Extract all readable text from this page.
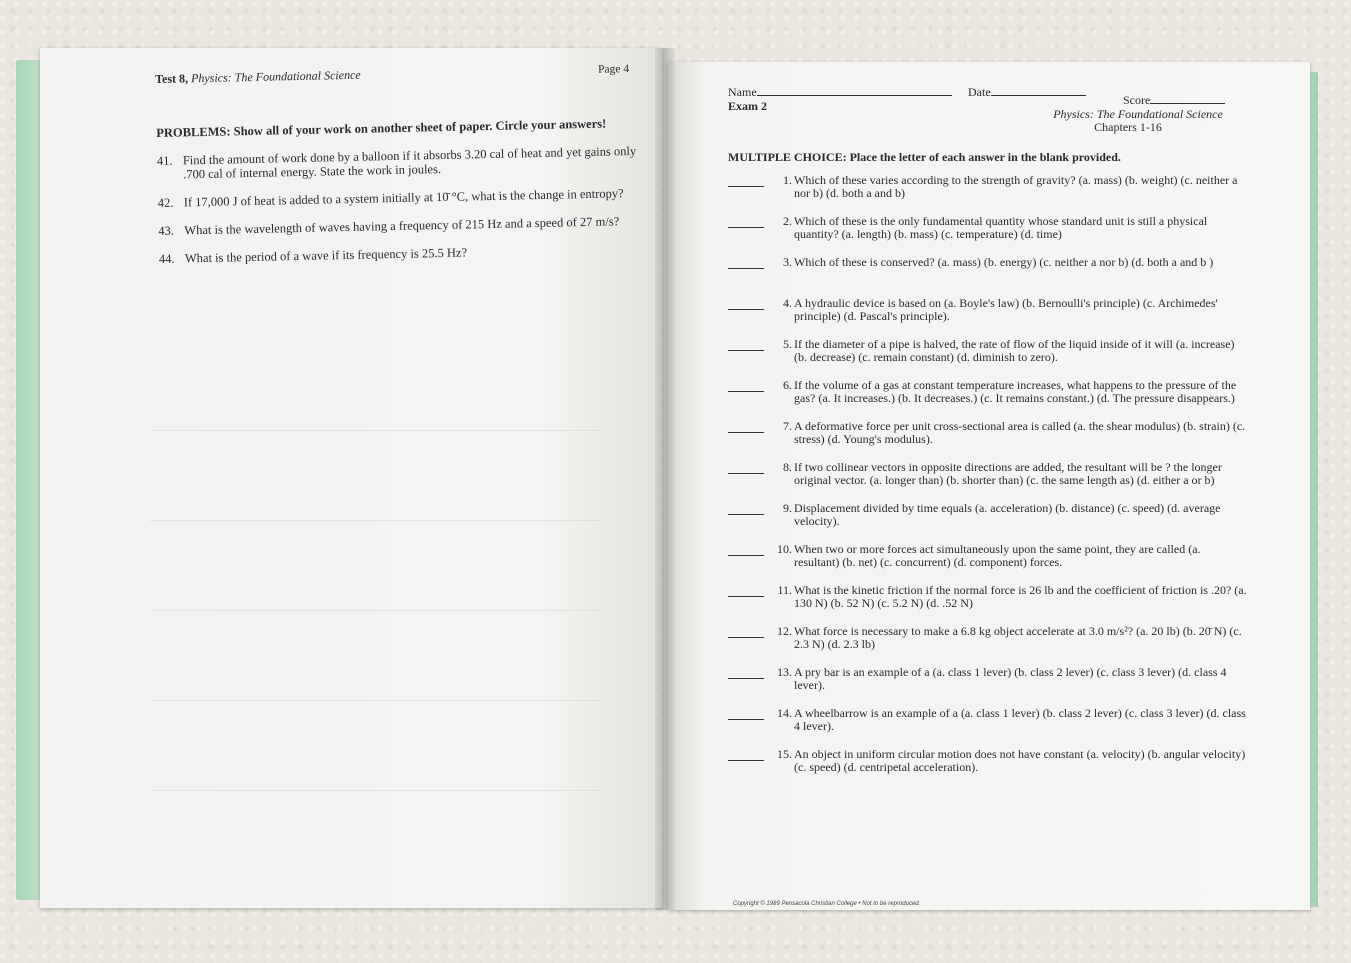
Test 8, Physics: The Foundational Science	Page 4
PROBLEMS: Show all of your work on another sheet of paper. Circle your answers!
41. Find the amount of work done by a balloon if it absorbs 3.20 cal of heat and yet gains only .700 cal of internal energy. State the work in joules.
42. If 17,000 J of heat is added to a system initially at 10̄ °C, what is the change in entropy?
43. What is the wavelength of waves having a frequency of 215 Hz and a speed of 27 m/s?
44. What is the period of a wave if its frequency is 25.5 Hz?
Name	Date
Score
Exam 2
Physics: The Foundational Science
Chapters 1-16
MULTIPLE CHOICE: Place the letter of each answer in the blank provided.
1. Which of these varies according to the strength of gravity? (a. mass) (b. weight) (c. neither a nor b) (d. both a and b)
2. Which of these is the only fundamental quantity whose standard unit is still a physical quantity? (a. length) (b. mass) (c. temperature) (d. time)
3. Which of these is conserved? (a. mass) (b. energy) (c. neither a nor b) (d. both a and b )
4. A hydraulic device is based on (a. Boyle's law) (b. Bernoulli's principle) (c. Archimedes' principle) (d. Pascal's principle).
5. If the diameter of a pipe is halved, the rate of flow of the liquid inside of it will (a. increase) (b. decrease) (c. remain constant) (d. diminish to zero).
6. If the volume of a gas at constant temperature increases, what happens to the pressure of the gas? (a. It increases.) (b. It decreases.) (c. It remains constant.) (d. The pressure disappears.)
7. A deformative force per unit cross-sectional area is called (a. the shear modulus) (b. strain) (c. stress) (d. Young's modulus).
8. If two collinear vectors in opposite directions are added, the resultant will be ? the longer original vector. (a. longer than) (b. shorter than) (c. the same length as) (d. either a or b)
9. Displacement divided by time equals (a. acceleration) (b. distance) (c. speed) (d. average velocity).
10. When two or more forces act simultaneously upon the same point, they are called (a. resultant) (b. net) (c. concurrent) (d. component) forces.
11. What is the kinetic friction if the normal force is 26 lb and the coefficient of friction is .20? (a. 130 N) (b. 52 N) (c. 5.2 N) (d. .52 N)
12. What force is necessary to make a 6.8 kg object accelerate at 3.0 m/s²? (a. 20 lb) (b. 20̄ N) (c. 2.3 N) (d. 2.3 lb)
13. A pry bar is an example of a (a. class 1 lever) (b. class 2 lever) (c. class 3 lever) (d. class 4 lever).
14. A wheelbarrow is an example of a (a. class 1 lever) (b. class 2 lever) (c. class 3 lever) (d. class 4 lever).
15. An object in uniform circular motion does not have constant (a. velocity) (b. angular velocity) (c. speed) (d. centripetal acceleration).
Copyright © 1989 Pensacola Christian College • Not to be reproduced.
